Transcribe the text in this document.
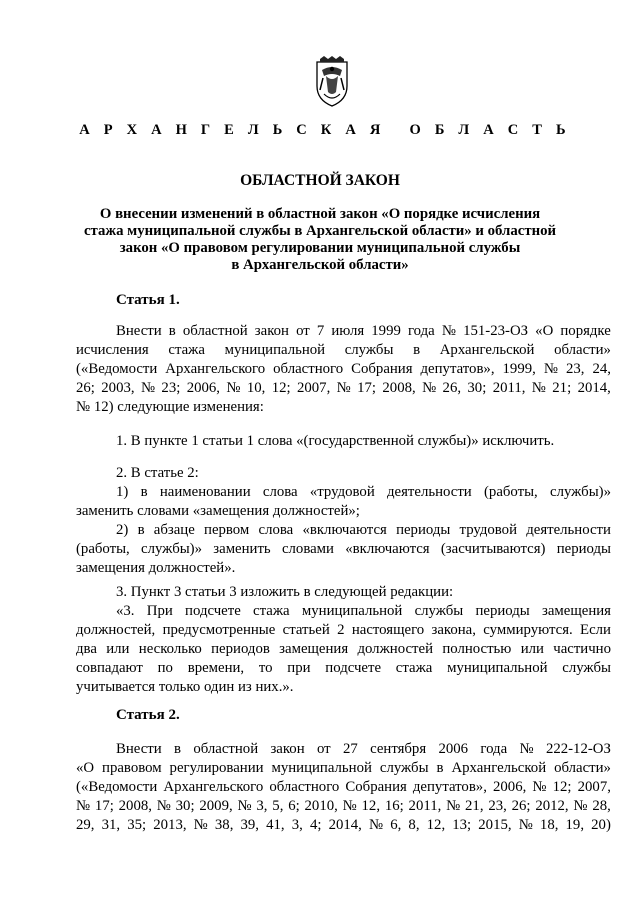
А Р Х А Н Г Е Л Ь С К А Я О Б Л А С Т Ь
ОБЛАСТНОЙ ЗАКОН
О внесении изменений в областной закон «О порядке исчисления
стажа муниципальной службы в Архангельской области» и областной
закон «О правовом регулировании муниципальной службы
в Архангельской области»
Статья 1.
Внести в областной закон от 7 июля 1999 года № 151-23-ОЗ «О порядке
исчисления стажа муниципальной службы в Архангельской области»
(«Ведомости Архангельского областного Собрания депутатов», 1999, № 23, 24,
26; 2003, № 23; 2006, № 10, 12; 2007, № 17; 2008, № 26, 30; 2011, № 21; 2014,
№ 12) следующие изменения:
1. В пункте 1 статьи 1 слова «(государственной службы)» исключить.
2. В статье 2:
1) в наименовании слова «трудовой деятельности (работы, службы)»
заменить словами «замещения должностей»;
2) в абзаце первом слова «включаются периоды трудовой деятельности
(работы, службы)» заменить словами «включаются (засчитываются) периоды
замещения должностей».
3. Пункт 3 статьи 3 изложить в следующей редакции:
«3. При подсчете стажа муниципальной службы периоды замещения
должностей, предусмотренные статьей 2 настоящего закона, суммируются. Если
два или несколько периодов замещения должностей полностью или частично
совпадают по времени, то при подсчете стажа муниципальной службы
учитывается только один из них.».
Статья 2.
Внести в областной закон от 27 сентября 2006 года № 222-12-ОЗ
«О правовом регулировании муниципальной службы в Архангельской области»
(«Ведомости Архангельского областного Собрания депутатов», 2006, № 12; 2007,
№ 17; 2008, № 30; 2009, № 3, 5, 6; 2010, № 12, 16; 2011, № 21, 23, 26; 2012, № 28,
29, 31, 35; 2013, № 38, 39, 41, 3, 4; 2014, № 6, 8, 12, 13; 2015, № 18, 19, 20)
